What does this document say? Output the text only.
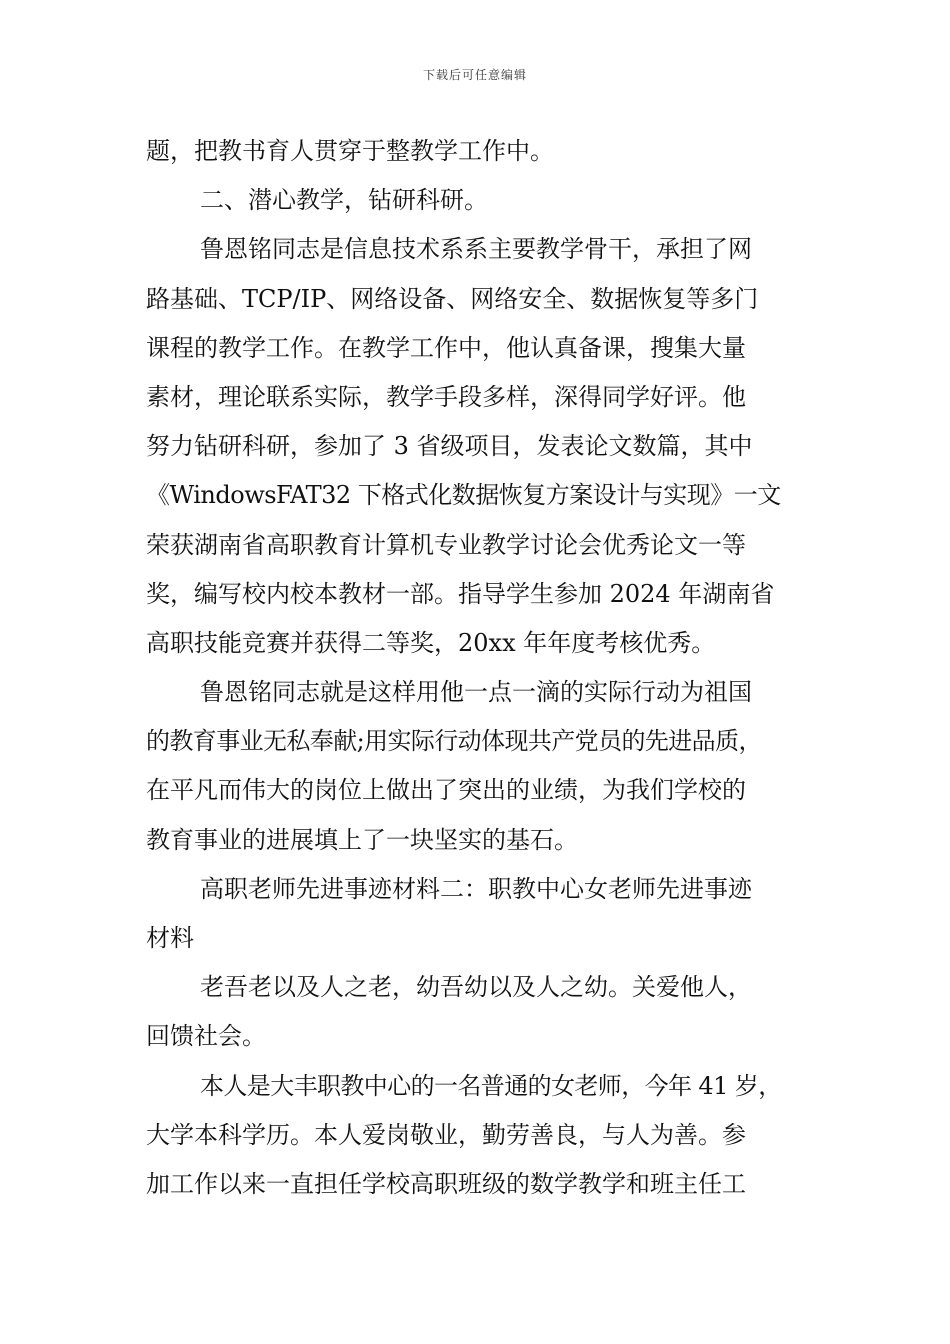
下载后可任意编辑
题，把教书育人贯穿于整教学工作中。
二、潜心教学，钻研科研。
鲁恩铭同志是信息技术系系主要教学骨干，承担了网
路基础、TCP/IP、网络设备、网络安全、数据恢复等多门
课程的教学工作。在教学工作中，他认真备课，搜集大量
素材，理论联系实际，教学手段多样，深得同学好评。他
努力钻研科研，参加了 3 省级项目，发表论文数篇，其中
《WindowsFAT32 下格式化数据恢复方案设计与实现》一文
荣获湖南省高职教育计算机专业教学讨论会优秀论文一等
奖，编写校内校本教材一部。指导学生参加 2024 年湖南省
高职技能竞赛并获得二等奖，20xx 年年度考核优秀。
鲁恩铭同志就是这样用他一点一滴的实际行动为祖国
的教育事业无私奉献;用实际行动体现共产党员的先进品质，
在平凡而伟大的岗位上做出了突出的业绩，为我们学校的
教育事业的进展填上了一块坚实的基石。
高职老师先进事迹材料二：职教中心女老师先进事迹
材料
老吾老以及人之老，幼吾幼以及人之幼。关爱他人，
回馈社会。
本人是大丰职教中心的一名普通的女老师，今年 41 岁，
大学本科学历。本人爱岗敬业，勤劳善良，与人为善。参
加工作以来一直担任学校高职班级的数学教学和班主任工
